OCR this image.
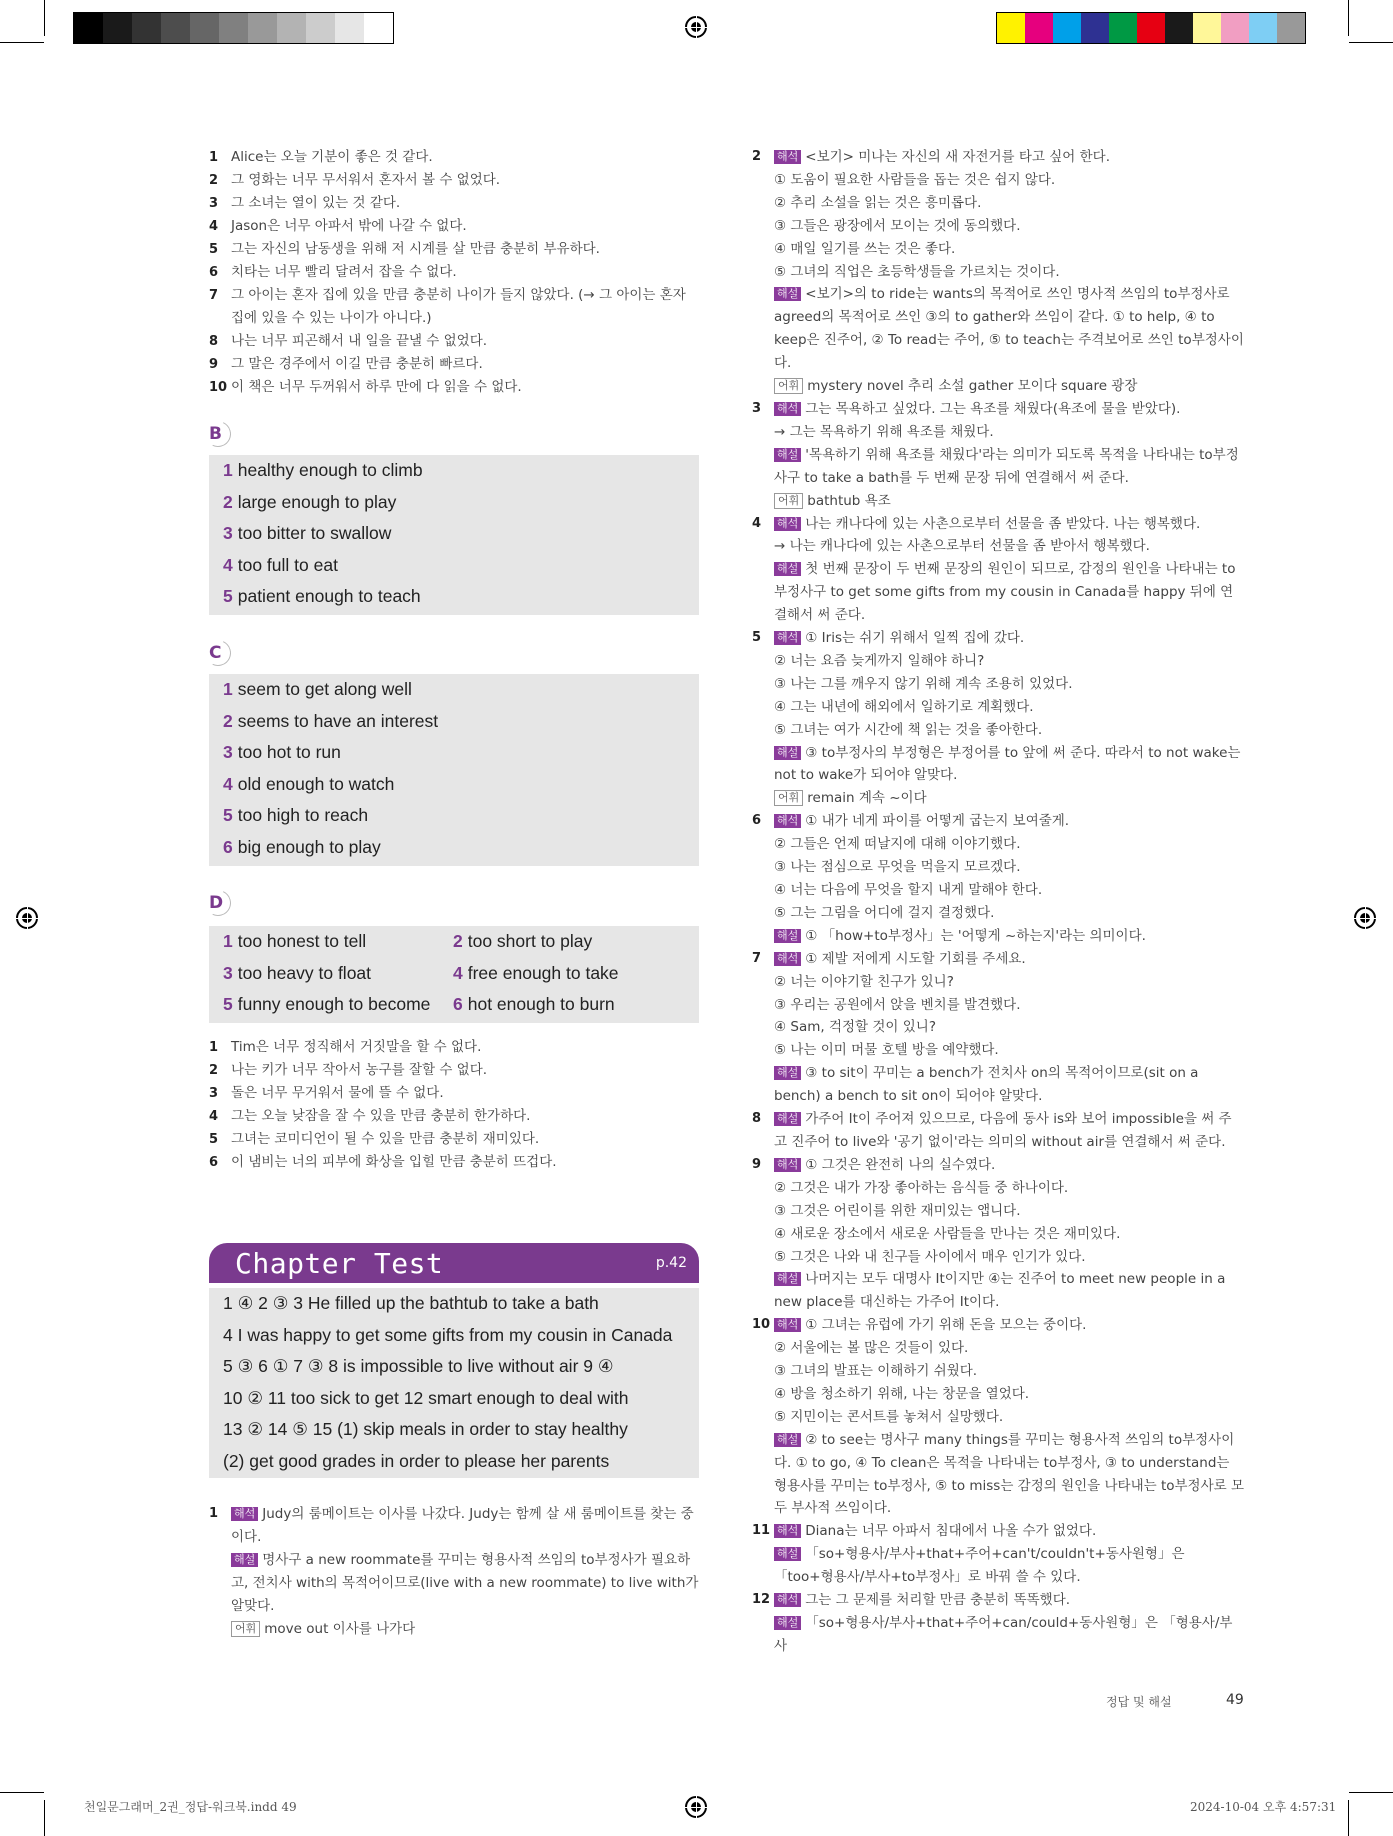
1 Alice는 오늘 기분이 좋은 것 같다.
2 그 영화는 너무 무서워서 혼자서 볼 수 없었다.
3 그 소녀는 열이 있는 것 같다.
4 Jason은 너무 아파서 밖에 나갈 수 없다.
5 그는 자신의 남동생을 위해 저 시계를 살 만큼 충분히 부유하다.
6 치타는 너무 빨리 달려서 잡을 수 없다.
7 그 아이는 혼자 집에 있을 만큼 충분히 나이가 들지 않았다. (→ 그 아이는 혼자 집에 있을 수 있는 나이가 아니다.)
8 나는 너무 피곤해서 내 일을 끝낼 수 없었다.
9 그 말은 경주에서 이길 만큼 충분히 빠르다.
10 이 책은 너무 두꺼워서 하루 만에 다 읽을 수 없다.
B
1 healthy enough to climb
2 large enough to play
3 too bitter to swallow
4 too full to eat
5 patient enough to teach
C
1 seem to get along well
2 seems to have an interest
3 too hot to run
4 old enough to watch
5 too high to reach
6 big enough to play
D
1 too honest to tell	2 too short to play
3 too heavy to float	4 free enough to take
5 funny enough to become	6 hot enough to burn
1 Tim은 너무 정직해서 거짓말을 할 수 없다.
2 나는 키가 너무 작아서 농구를 잘할 수 없다.
3 돌은 너무 무거워서 물에 뜰 수 없다.
4 그는 오늘 낮잠을 잘 수 있을 만큼 충분히 한가하다.
5 그녀는 코미디언이 될 수 있을 만큼 충분히 재미있다.
6 이 냄비는 너의 피부에 화상을 입힐 만큼 충분히 뜨겁다.
Chapter Test	p.42
1 ④ 2 ③ 3 He filled up the bathtub to take a bath
4 I was happy to get some gifts from my cousin in Canada
5 ③ 6 ① 7 ③ 8 is impossible to live without air 9 ④
10 ② 11 too sick to get 12 smart enough to deal with
13 ② 14 ⑤ 15 (1) skip meals in order to stay healthy
(2) get good grades in order to please her parents
1	해석 Judy의 룸메이트는 이사를 나갔다. Judy는 함께 살 새 룸메이트를 찾는 중이다.
해설 명사구 a new roommate를 꾸미는 형용사적 쓰임의 to부정사가 필요하고, 전치사 with의 목적어이므로(live with a new roommate) to live with가 알맞다.
어휘 move out 이사를 나가다
2	해석 <보기> 미나는 자신의 새 자전거를 타고 싶어 한다.
① 도움이 필요한 사람들을 돕는 것은 쉽지 않다.
② 추리 소설을 읽는 것은 흥미롭다.
③ 그들은 광장에서 모이는 것에 동의했다.
④ 매일 일기를 쓰는 것은 좋다.
⑤ 그녀의 직업은 초등학생들을 가르치는 것이다.
해설 <보기>의 to ride는 wants의 목적어로 쓰인 명사적 쓰임의 to부정사로 agreed의 목적어로 쓰인 ③의 to gather와 쓰임이 같다. ① to help, ④ to keep은 진주어, ② To read는 주어, ⑤ to teach는 주격보어로 쓰인 to부정사이다.
어휘 mystery novel 추리 소설 gather 모이다 square 광장
3	해석 그는 목욕하고 싶었다. 그는 욕조를 채웠다(욕조에 물을 받았다).
→ 그는 목욕하기 위해 욕조를 채웠다.
해설 '목욕하기 위해 욕조를 채웠다'라는 의미가 되도록 목적을 나타내는 to부정사구 to take a bath를 두 번째 문장 뒤에 연결해서 써 준다.
어휘 bathtub 욕조
4	해석 나는 캐나다에 있는 사촌으로부터 선물을 좀 받았다. 나는 행복했다.
→ 나는 캐나다에 있는 사촌으로부터 선물을 좀 받아서 행복했다.
해설 첫 번째 문장이 두 번째 문장의 원인이 되므로, 감정의 원인을 나타내는 to부정사구 to get some gifts from my cousin in Canada를 happy 뒤에 연결해서 써 준다.
5	해석 ① Iris는 쉬기 위해서 일찍 집에 갔다.
② 너는 요즘 늦게까지 일해야 하니?
③ 나는 그를 깨우지 않기 위해 계속 조용히 있었다.
④ 그는 내년에 해외에서 일하기로 계획했다.
⑤ 그녀는 여가 시간에 책 읽는 것을 좋아한다.
해설 ③ to부정사의 부정형은 부정어를 to 앞에 써 준다. 따라서 to not wake는 not to wake가 되어야 알맞다.
어휘 remain 계속 ~이다
6	해석 ① 내가 네게 파이를 어떻게 굽는지 보여줄게.
② 그들은 언제 떠날지에 대해 이야기했다.
③ 나는 점심으로 무엇을 먹을지 모르겠다.
④ 너는 다음에 무엇을 할지 내게 말해야 한다.
⑤ 그는 그림을 어디에 걸지 결정했다.
해설 ① 「how+to부정사」는 '어떻게 ~하는지'라는 의미이다.
7	해석 ① 제발 저에게 시도할 기회를 주세요.
② 너는 이야기할 친구가 있니?
③ 우리는 공원에서 앉을 벤치를 발견했다.
④ Sam, 걱정할 것이 있니?
⑤ 나는 이미 머물 호텔 방을 예약했다.
해설 ③ to sit이 꾸미는 a bench가 전치사 on의 목적어이므로(sit on a bench) a bench to sit on이 되어야 알맞다.
8	해설 가주어 It이 주어져 있으므로, 다음에 동사 is와 보어 impossible을 써 주고 진주어 to live와 '공기 없이'라는 의미의 without air를 연결해서 써 준다.
9	해석 ① 그것은 완전히 나의 실수였다.
② 그것은 내가 가장 좋아하는 음식들 중 하나이다.
③ 그것은 어린이를 위한 재미있는 앱니다.
④ 새로운 장소에서 새로운 사람들을 만나는 것은 재미있다.
⑤ 그것은 나와 내 친구들 사이에서 매우 인기가 있다.
해설 나머지는 모두 대명사 It이지만 ④는 진주어 to meet new people in a new place를 대신하는 가주어 It이다.
10 해석 ① 그녀는 유럽에 가기 위해 돈을 모으는 중이다.
② 서울에는 볼 많은 것들이 있다.
③ 그녀의 발표는 이해하기 쉬웠다.
④ 방을 청소하기 위해, 나는 창문을 열었다.
⑤ 지민이는 콘서트를 놓쳐서 실망했다.
해설 ② to see는 명사구 many things를 꾸미는 형용사적 쓰임의 to부정사이다. ① to go, ④ To clean은 목적을 나타내는 to부정사, ③ to understand는 형용사를 꾸미는 to부정사, ⑤ to miss는 감정의 원인을 나타내는 to부정사로 모두 부사적 쓰임이다.
11 해석 Diana는 너무 아파서 침대에서 나올 수가 없었다.
해설 「so+형용사/부사+that+주어+can't/couldn't+동사원형」은 「too+형용사/부사+to부정사」로 바꿔 쓸 수 있다.
12 해석 그는 그 문제를 처리할 만큼 충분히 똑똑했다.
해설 「so+형용사/부사+that+주어+can/could+동사원형」은 「형용사/부사
정답 및 해설	49
천일문그래머_2권_정답-워크북.indd 49	2024-10-04 오후 4:57:31
